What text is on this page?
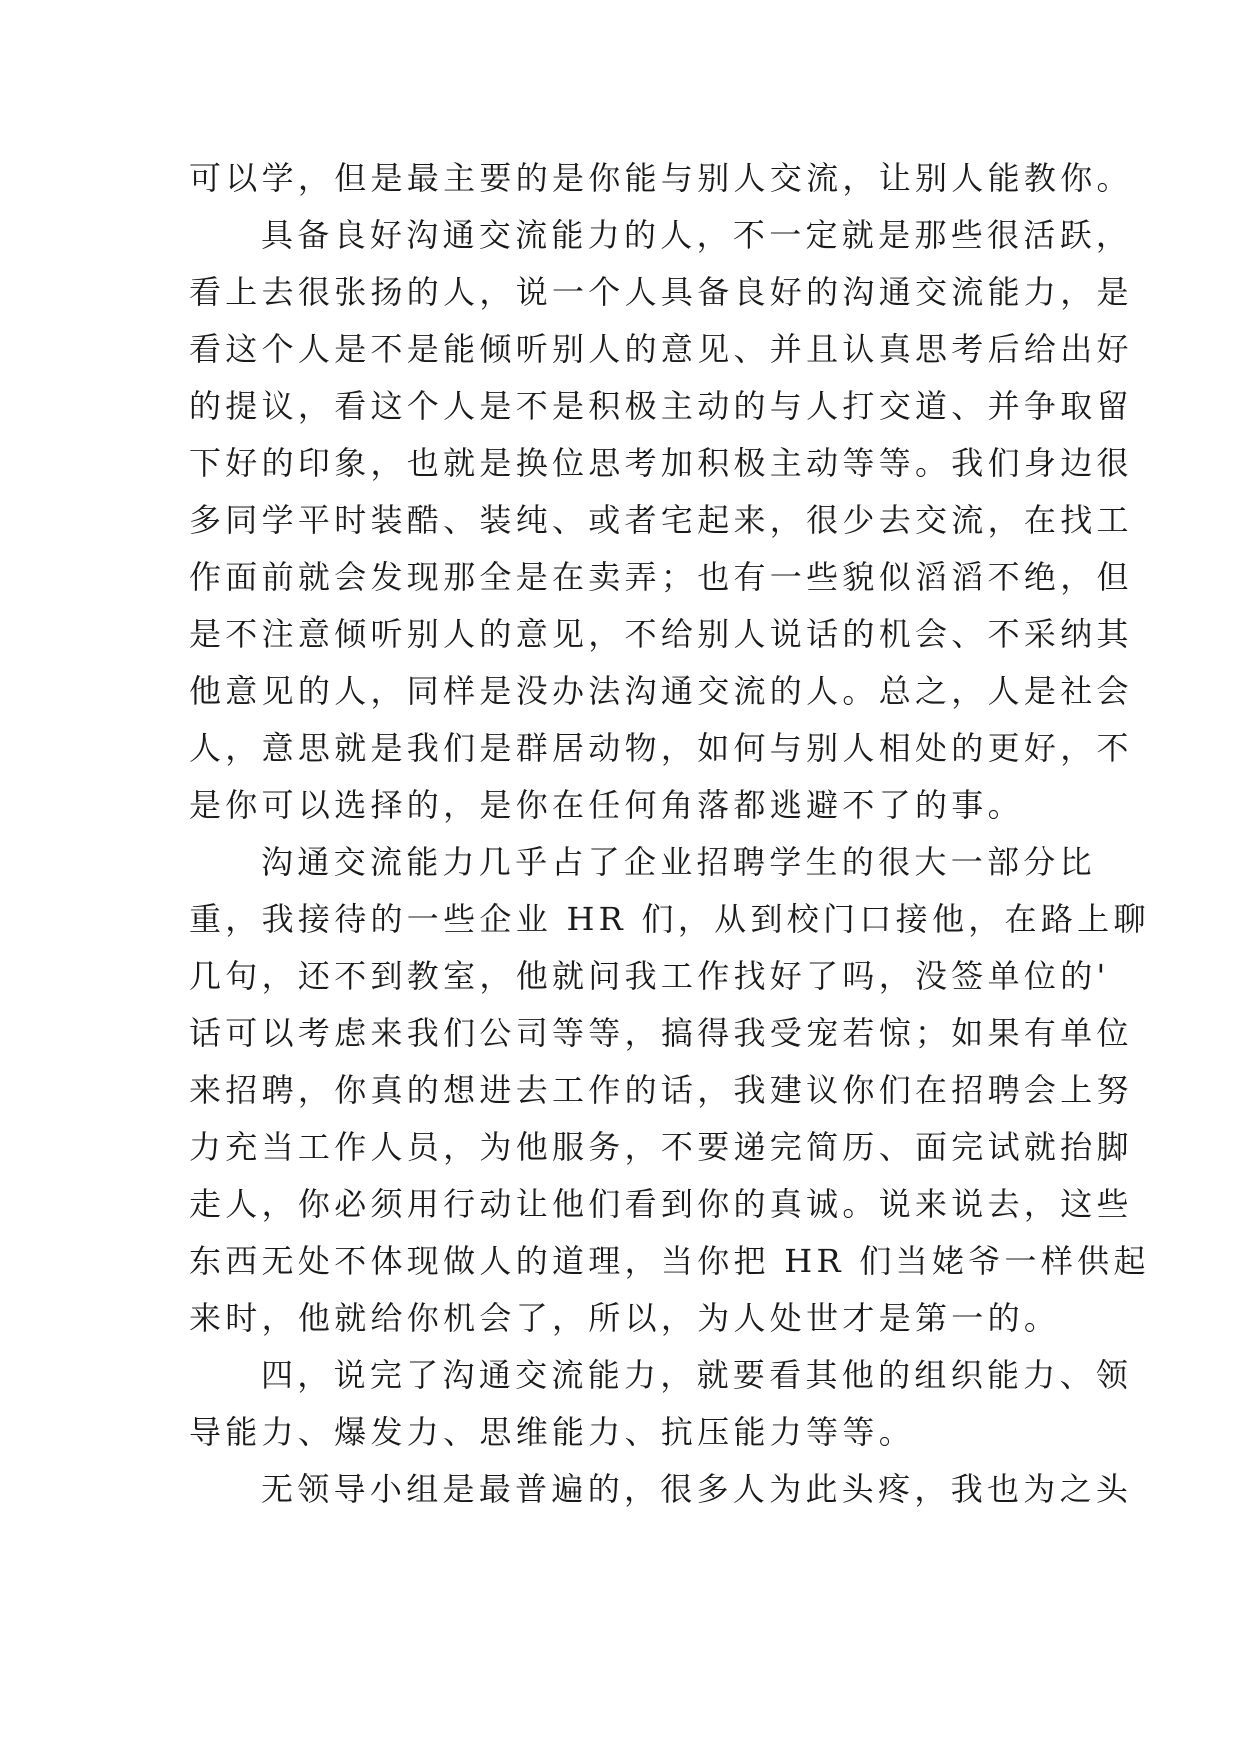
可以学，但是最主要的是你能与别人交流，让别人能教你。
具备良好沟通交流能力的人，不一定就是那些很活跃，
看上去很张扬的人，说一个人具备良好的沟通交流能力，是
看这个人是不是能倾听别人的意见、并且认真思考后给出好
的提议，看这个人是不是积极主动的与人打交道、并争取留
下好的印象，也就是换位思考加积极主动等等。我们身边很
多同学平时装酷、装纯、或者宅起来，很少去交流，在找工
作面前就会发现那全是在卖弄；也有一些貌似滔滔不绝，但
是不注意倾听别人的意见，不给别人说话的机会、不采纳其
他意见的人，同样是没办法沟通交流的人。总之，人是社会
人，意思就是我们是群居动物，如何与别人相处的更好，不
是你可以选择的，是你在任何角落都逃避不了的事。
沟通交流能力几乎占了企业招聘学生的很大一部分比
重，我接待的一些企业 HR 们，从到校门口接他，在路上聊
几句，还不到教室，他就问我工作找好了吗，没签单位的'
话可以考虑来我们公司等等，搞得我受宠若惊；如果有单位
来招聘，你真的想进去工作的话，我建议你们在招聘会上努
力充当工作人员，为他服务，不要递完简历、面完试就抬脚
走人，你必须用行动让他们看到你的真诚。说来说去，这些
东西无处不体现做人的道理，当你把 HR 们当姥爷一样供起
来时，他就给你机会了，所以，为人处世才是第一的。
四，说完了沟通交流能力，就要看其他的组织能力、领
导能力、爆发力、思维能力、抗压能力等等。
无领导小组是最普遍的，很多人为此头疼，我也为之头
